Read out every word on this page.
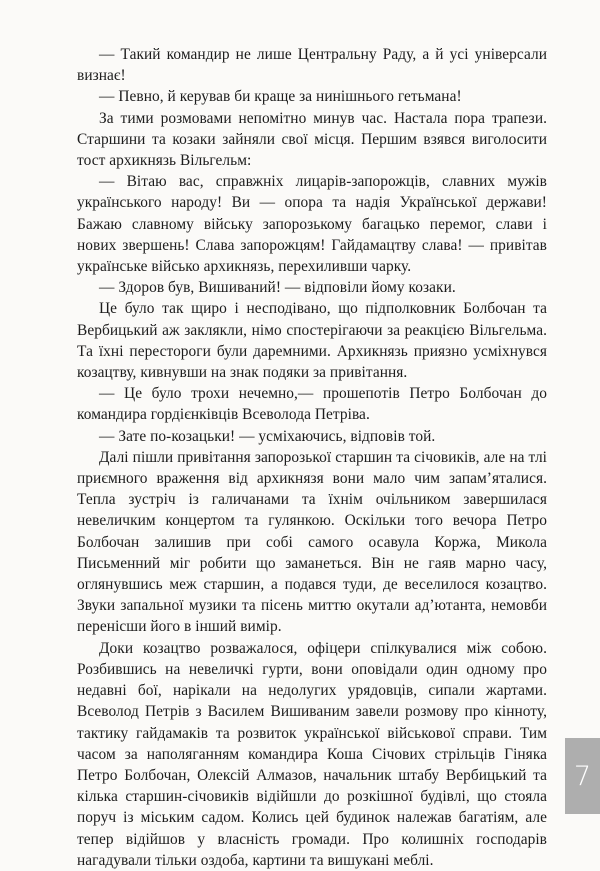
— Такий командир не лише Центральну Раду, а й усі універсали визнає!

— Певно, й керував би краще за нинішнього гетьмана!

За тими розмовами непомітно минув час. Настала пора трапези. Старшини та козаки зайняли свої місця. Першим взявся виголосити тост архикнязь Вільгельм:

— Вітаю вас, справжніх лицарів-запорожців, славних мужів українського народу! Ви — опора та надія Української держави! Бажаю славному війську запорозькому багацько перемог, слави і нових звершень! Слава запорожцям! Гайдамацтву слава! — привітав українське військо архикнязь, перехиливши чарку.

— Здоров був, Вишиваний! — відповіли йому козаки.

Це було так щиро і несподівано, що підполковник Болбочан та Вербицький аж заклякли, німо спостерігаючи за реакцією Вільгельма. Та їхні перестороги були даремними. Архикнязь приязно усміхнувся козацтву, кивнувши на знак подяки за привітання.

— Це було трохи нечемно,— прошепотів Петро Болбочан до командира гордієнківців Всеволода Петріва.

— Зате по-козацьки! — усміхаючись, відповів той.

Далі пішли привітання запорозької старшин та січовиків, але на тлі приємного враження від архикнязя вони мало чим запам’яталися. Тепла зустріч із галичанами та їхнім очільником завершилася невеличким концертом та гулянкою. Оскільки того вечора Петро Болбочан залишив при собі самого осавула Коржа, Микола Письменний міг робити що заманеться. Він не гаяв марно часу, оглянувшись меж старшин, а подався туди, де веселилося козацтво. Звуки запальної музики та пісень миттю окутали ад’ютанта, немовби перенісши його в інший вимір.

Доки козацтво розважалося, офіцери спілкувалися між собою. Розбившись на невеличкі гурти, вони оповідали один одному про недавні бої, нарікали на недолугих урядовців, сипали жартами. Всеволод Петрів з Василем Вишиваним завели розмову про кінноту, тактику гайдамаків та розвиток української військової справи. Тим часом за наполяганням командира Коша Січових стрільців Гіняка Петро Болбочан, Олексій Алмазов, начальник штабу Вербицький та кілька старшин-січовиків відійшли до розкішної будівлі, що стояла поруч із міським садом. Колись цей будинок належав багатіям, але тепер відійшов у власність громади. Про колишніх господарів нагадували тільки оздоба, картини та вишукані меблі.

7
